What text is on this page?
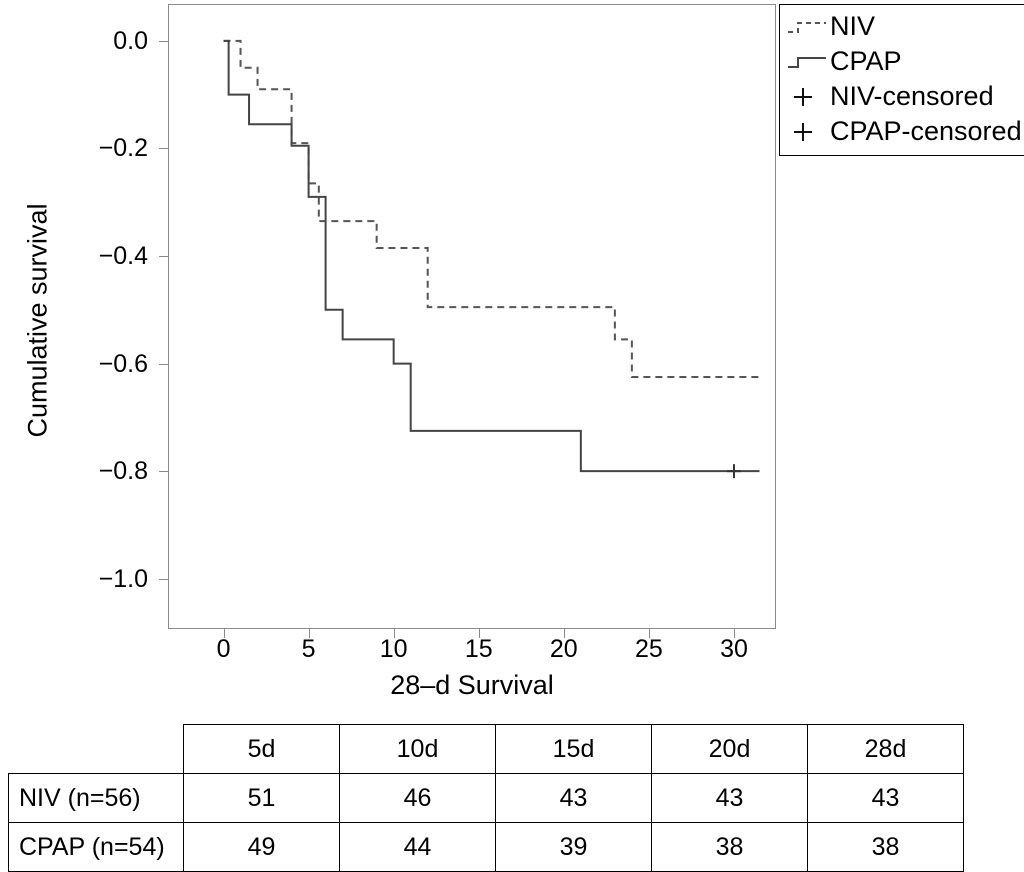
0.0
−0.2
−0.4
−0.6
−0.8
−1.0
0	5	10	15	20	25	30
Cumulative survival
28–d Survival
NIV
CPAP
NIV-censored
CPAP-censored
	5d	10d	15d	20d	28d
NIV (n=56)	51	46	43	43	43
CPAP (n=54)	49	44	39	38	38
